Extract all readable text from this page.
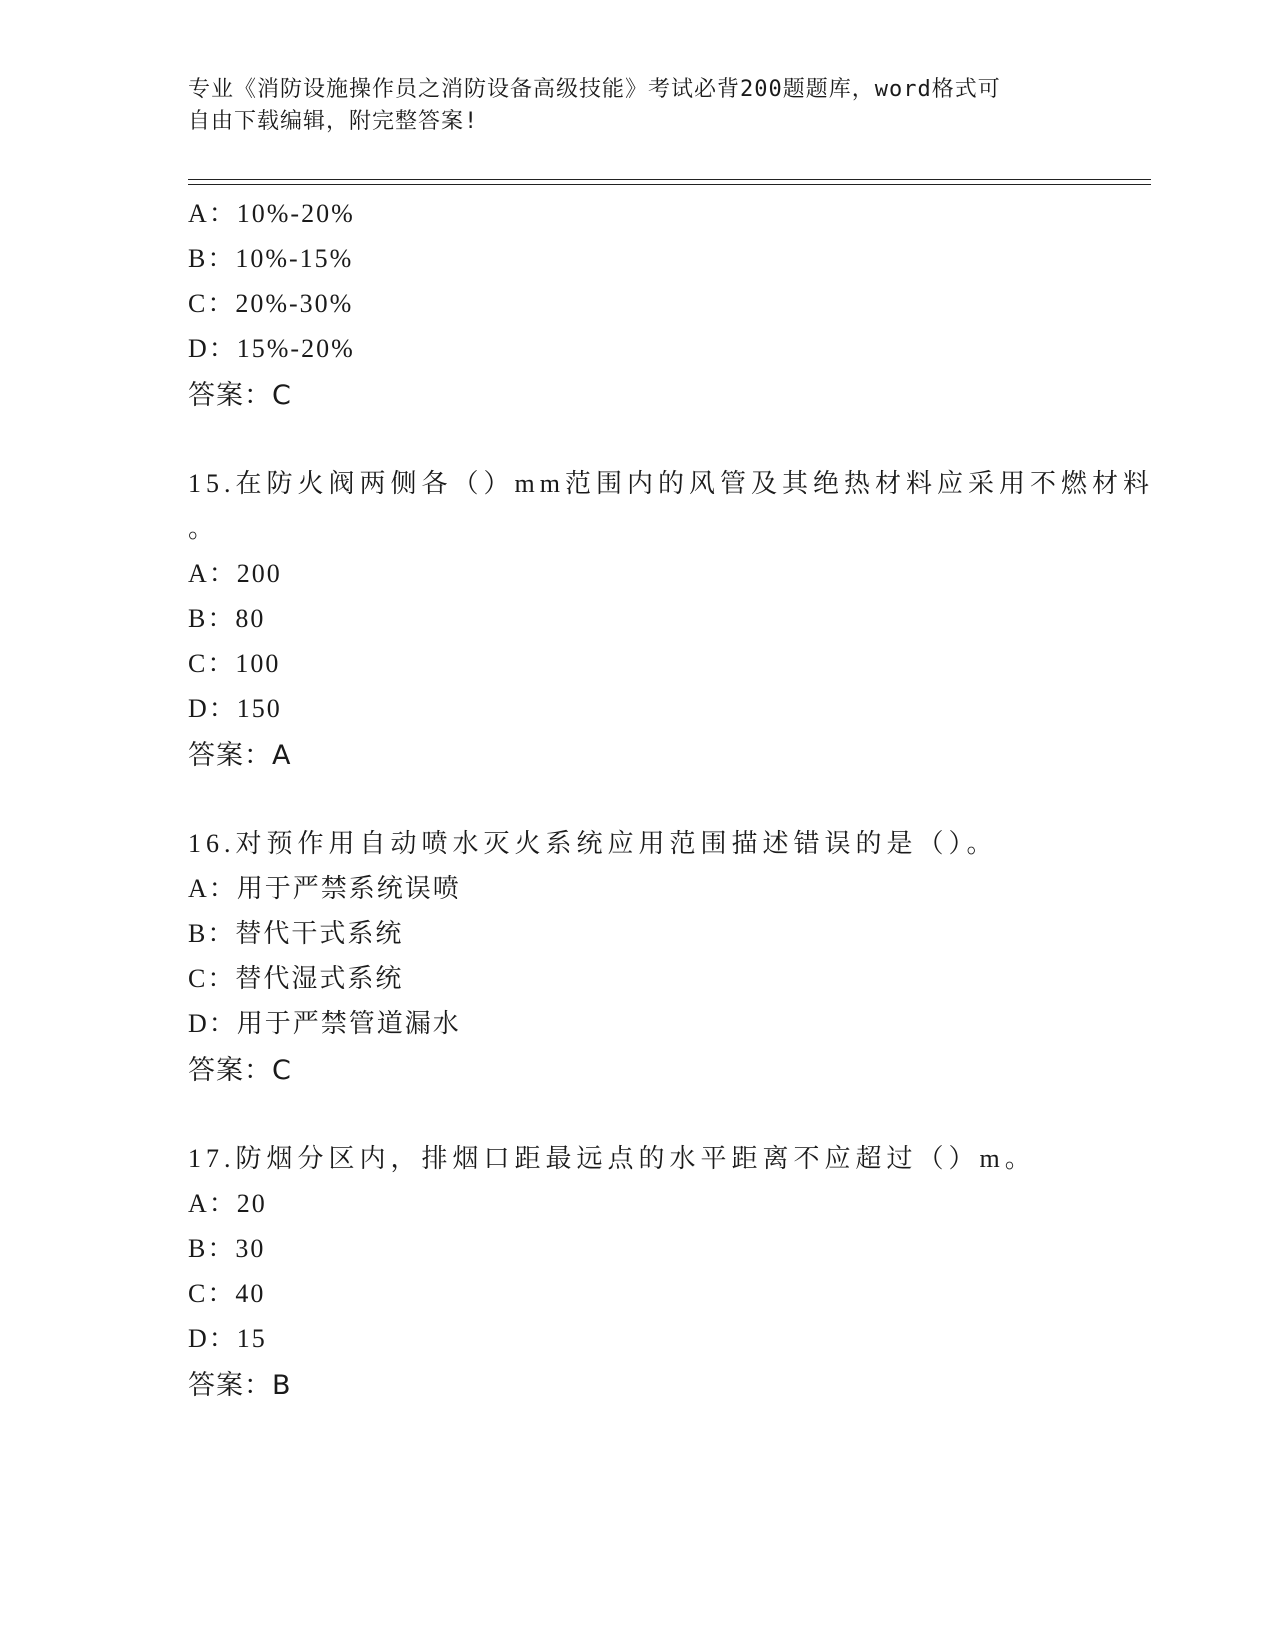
专业《消防设施操作员之消防设备高级技能》考试必背200题题库，word格式可
自由下载编辑，附完整答案!
A：10%-20%
B：10%-15%
C：20%-30%
D：15%-20%
答案：C
15.在防火阀两侧各（）mm范围内的风管及其绝热材料应采用不燃材料
。
A：200
B：80
C：100
D：150
答案：A
16.对预作用自动喷水灭火系统应用范围描述错误的是（）。
A：用于严禁系统误喷
B：替代干式系统
C：替代湿式系统
D：用于严禁管道漏水
答案：C
17.防烟分区内，排烟口距最远点的水平距离不应超过（）m。
A：20
B：30
C：40
D：15
答案：B
